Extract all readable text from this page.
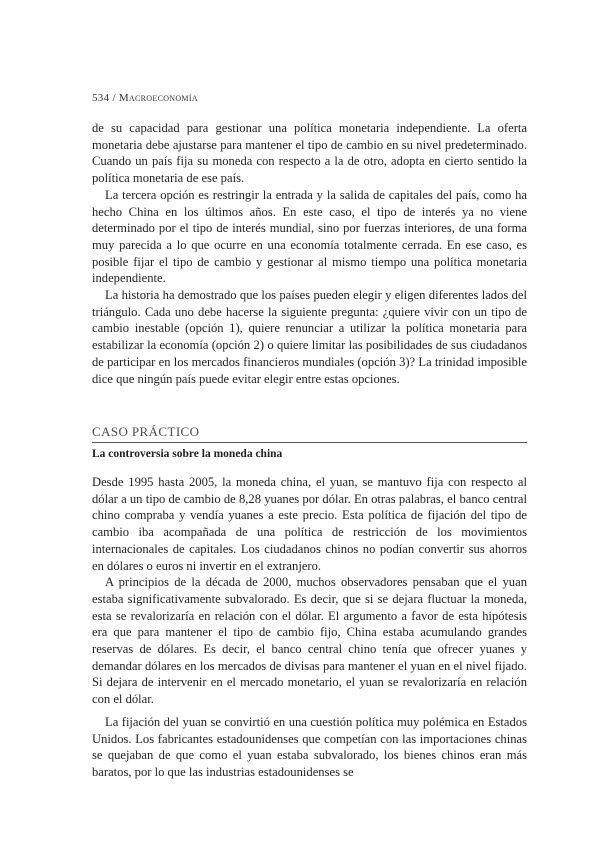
534 / Macroeconomía

de su capacidad para gestionar una política monetaria independiente. La oferta monetaria debe ajustarse para mantener el tipo de cambio en su nivel predeterminado. Cuando un país fija su moneda con respecto a la de otro, adopta en cierto sentido la política monetaria de ese país.

La tercera opción es restringir la entrada y la salida de capitales del país, como ha hecho China en los últimos años. En este caso, el tipo de interés ya no viene determinado por el tipo de interés mundial, sino por fuerzas interiores, de una forma muy parecida a lo que ocurre en una economía totalmente cerrada. En ese caso, es posible fijar el tipo de cambio y gestionar al mismo tiempo una política monetaria independiente.

La historia ha demostrado que los países pueden elegir y eligen diferentes lados del triángulo. Cada uno debe hacerse la siguiente pregunta: ¿quiere vivir con un tipo de cambio inestable (opción 1), quiere renunciar a utilizar la política monetaria para estabilizar la economía (opción 2) o quiere limitar las posibilidades de sus ciudadanos de participar en los mercados financieros mundiales (opción 3)? La trinidad imposible dice que ningún país puede evitar elegir entre estas opciones.

CASO PRÁCTICO
La controversia sobre la moneda china

Desde 1995 hasta 2005, la moneda china, el yuan, se mantuvo fija con respecto al dólar a un tipo de cambio de 8,28 yuanes por dólar. En otras palabras, el banco central chino compraba y vendía yuanes a este precio. Esta política de fijación del tipo de cambio iba acompañada de una política de restricción de los movimientos internacionales de capitales. Los ciudadanos chinos no podían convertir sus ahorros en dólares o euros ni invertir en el extranjero.

A principios de la década de 2000, muchos observadores pensaban que el yuan estaba significativamente subvalorado. Es decir, que si se dejara fluctuar la moneda, esta se revalorizaría en relación con el dólar. El argumento a favor de esta hipótesis era que para mantener el tipo de cambio fijo, China estaba acumulando grandes reservas de dólares. Es decir, el banco central chino tenía que ofrecer yuanes y demandar dólares en los mercados de divisas para mantener el yuan en el nivel fijado. Si dejara de intervenir en el mercado monetario, el yuan se revalorizaría en relación con el dólar.

La fijación del yuan se convirtió en una cuestión política muy polémica en Estados Unidos. Los fabricantes estadounidenses que competían con las importaciones chinas se quejaban de que como el yuan estaba subvalorado, los bienes chinos eran más baratos, por lo que las industrias estadounidenses se
